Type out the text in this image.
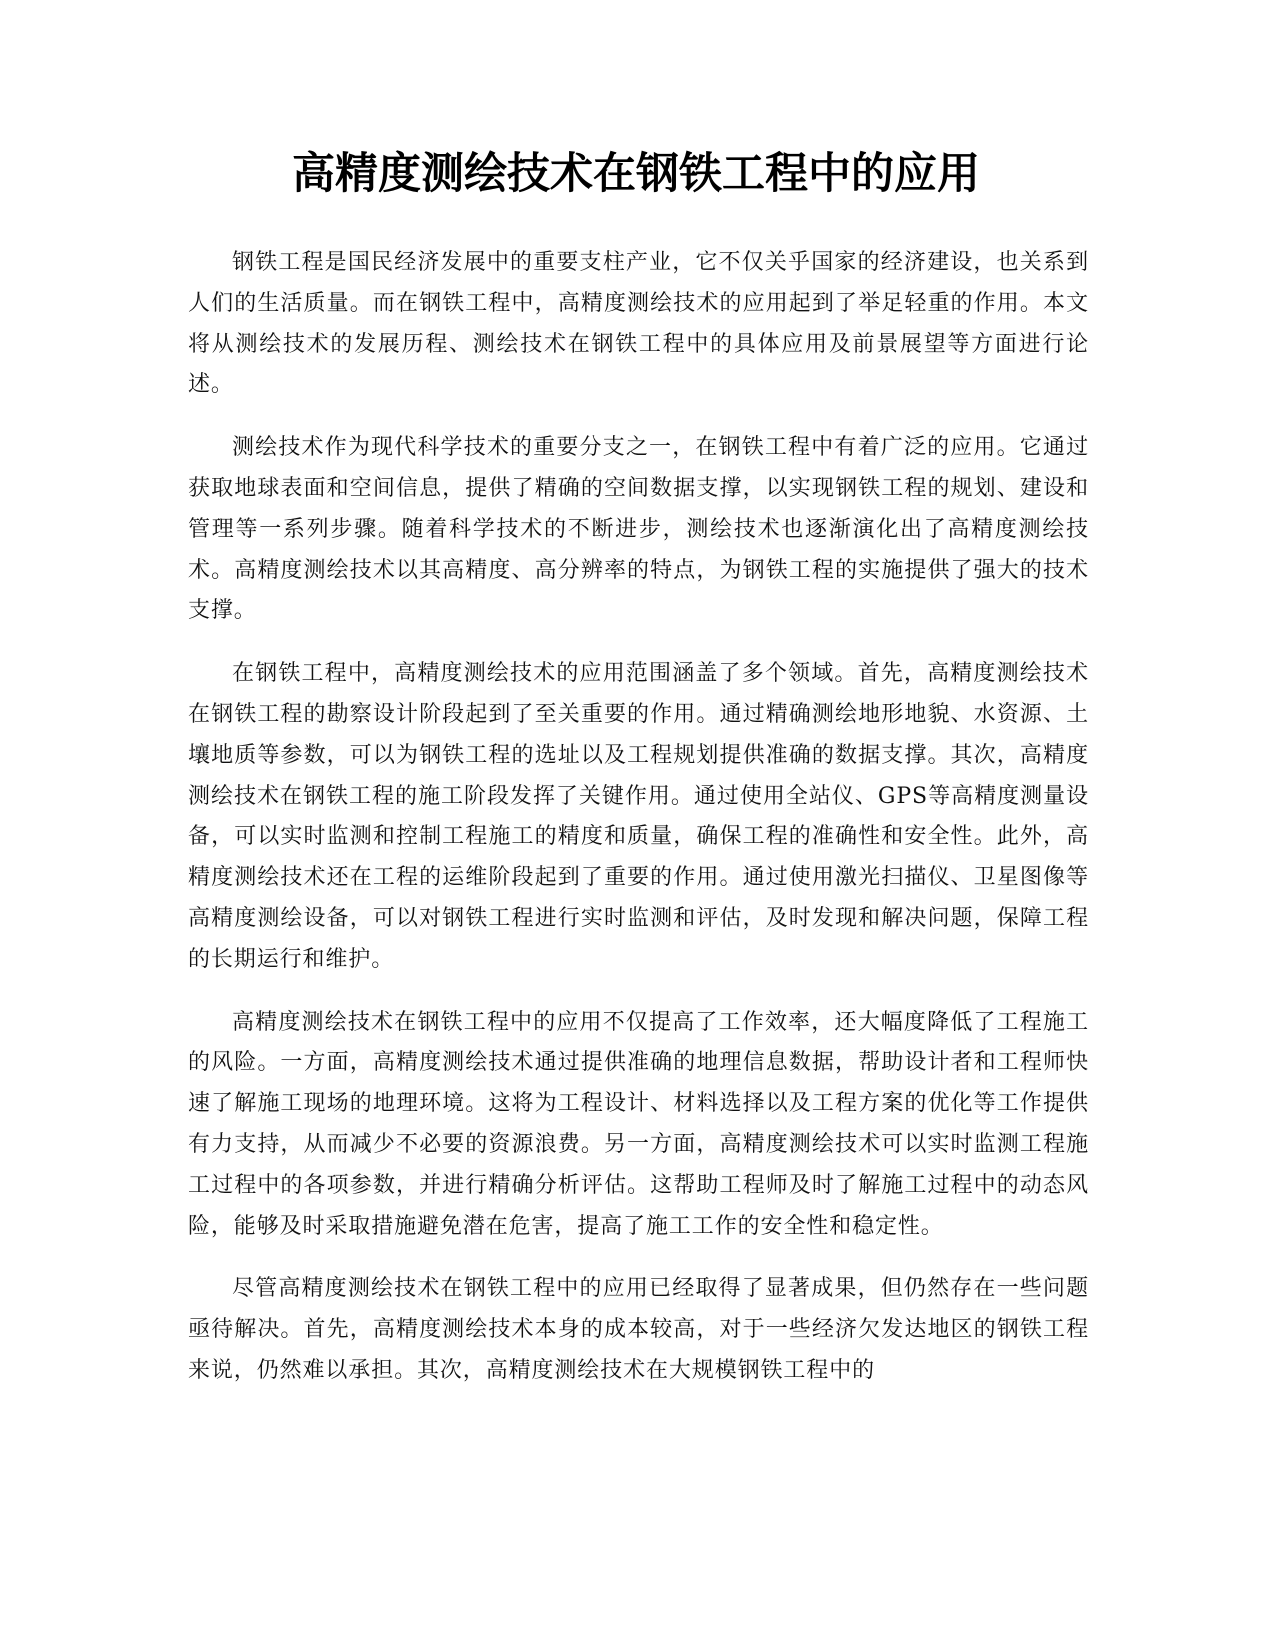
高精度测绘技术在钢铁工程中的应用

钢铁工程是国民经济发展中的重要支柱产业，它不仅关乎国家的经济建设，也关系到人们的生活质量。而在钢铁工程中，高精度测绘技术的应用起到了举足轻重的作用。本文将从测绘技术的发展历程、测绘技术在钢铁工程中的具体应用及前景展望等方面进行论述。

测绘技术作为现代科学技术的重要分支之一，在钢铁工程中有着广泛的应用。它通过获取地球表面和空间信息，提供了精确的空间数据支撑，以实现钢铁工程的规划、建设和管理等一系列步骤。随着科学技术的不断进步，测绘技术也逐渐演化出了高精度测绘技术。高精度测绘技术以其高精度、高分辨率的特点，为钢铁工程的实施提供了强大的技术支撑。

在钢铁工程中，高精度测绘技术的应用范围涵盖了多个领域。首先，高精度测绘技术在钢铁工程的勘察设计阶段起到了至关重要的作用。通过精确测绘地形地貌、水资源、土壤地质等参数，可以为钢铁工程的选址以及工程规划提供准确的数据支撑。其次，高精度测绘技术在钢铁工程的施工阶段发挥了关键作用。通过使用全站仪、GPS等高精度测量设备，可以实时监测和控制工程施工的精度和质量，确保工程的准确性和安全性。此外，高精度测绘技术还在工程的运维阶段起到了重要的作用。通过使用激光扫描仪、卫星图像等高精度测绘设备，可以对钢铁工程进行实时监测和评估，及时发现和解决问题，保障工程的长期运行和维护。

高精度测绘技术在钢铁工程中的应用不仅提高了工作效率，还大幅度降低了工程施工的风险。一方面，高精度测绘技术通过提供准确的地理信息数据，帮助设计者和工程师快速了解施工现场的地理环境。这将为工程设计、材料选择以及工程方案的优化等工作提供有力支持，从而减少不必要的资源浪费。另一方面，高精度测绘技术可以实时监测工程施工过程中的各项参数，并进行精确分析评估。这帮助工程师及时了解施工过程中的动态风险，能够及时采取措施避免潜在危害，提高了施工工作的安全性和稳定性。

尽管高精度测绘技术在钢铁工程中的应用已经取得了显著成果，但仍然存在一些问题亟待解决。首先，高精度测绘技术本身的成本较高，对于一些经济欠发达地区的钢铁工程来说，仍然难以承担。其次，高精度测绘技术在大规模钢铁工程中的
